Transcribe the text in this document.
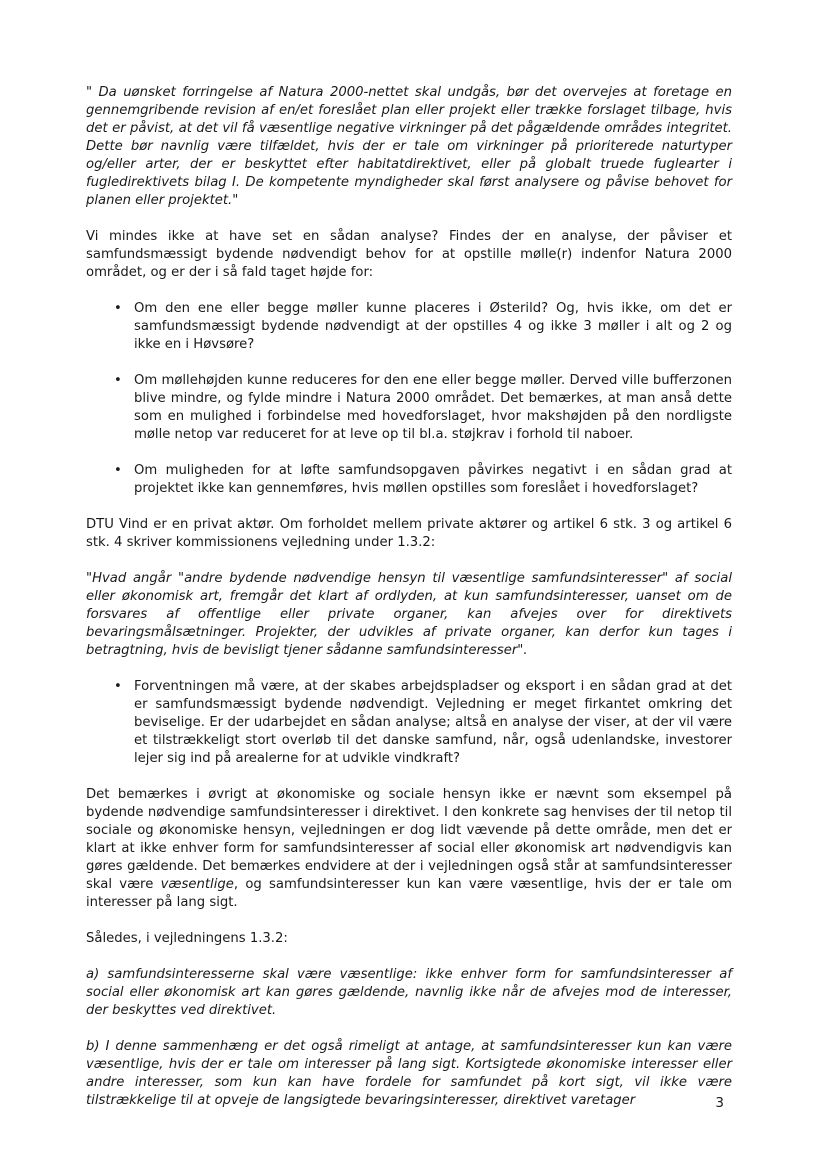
" Da uønsket forringelse af Natura 2000-nettet skal undgås, bør det overvejes at foretage en gennemgribende revision af en/et foreslået plan eller projekt eller trække forslaget tilbage, hvis det er påvist, at det vil få væsentlige negative virkninger på det pågældende områdes integritet. Dette bør navnlig være tilfældet, hvis der er tale om virkninger på prioriterede naturtyper og/eller arter, der er beskyttet efter habitatdirektivet, eller på globalt truede fuglearter i fugledirektivets bilag I. De kompetente myndigheder skal først analysere og påvise behovet for planen eller projektet."

Vi mindes ikke at have set en sådan analyse? Findes der en analyse, der påviser et samfundsmæssigt bydende nødvendigt behov for at opstille mølle(r) indenfor Natura 2000 området, og er der i så fald taget højde for:

• Om den ene eller begge møller kunne placeres i Østerild? Og, hvis ikke, om det er samfundsmæssigt bydende nødvendigt at der opstilles 4 og ikke 3 møller i alt og 2 og ikke en i Høvsøre?
• Om møllehøjden kunne reduceres for den ene eller begge møller. Derved ville bufferzonen blive mindre, og fylde mindre i Natura 2000 området. Det bemærkes, at man anså dette som en mulighed i forbindelse med hovedforslaget, hvor makshøjden på den nordligste mølle netop var reduceret for at leve op til bl.a. støjkrav i forhold til naboer.
• Om muligheden for at løfte samfundsopgaven påvirkes negativt i en sådan grad at projektet ikke kan gennemføres, hvis møllen opstilles som foreslået i hovedforslaget?

DTU Vind er en privat aktør. Om forholdet mellem private aktører og artikel 6 stk. 3 og artikel 6 stk. 4 skriver kommissionens vejledning under 1.3.2:

"Hvad angår "andre bydende nødvendige hensyn til væsentlige samfundsinteresser" af social eller økonomisk art, fremgår det klart af ordlyden, at kun samfundsinteresser, uanset om de forsvares af offentlige eller private organer, kan afvejes over for direktivets bevaringsmålsætninger. Projekter, der udvikles af private organer, kan derfor kun tages i betragtning, hvis de bevisligt tjener sådanne samfundsinteresser".

• Forventningen må være, at der skabes arbejdspladser og eksport i en sådan grad at det er samfundsmæssigt bydende nødvendigt. Vejledning er meget firkantet omkring det beviselige. Er der udarbejdet en sådan analyse; altså en analyse der viser, at der vil være et tilstrækkeligt stort overløb til det danske samfund, når, også udenlandske, investorer lejer sig ind på arealerne for at udvikle vindkraft?

Det bemærkes i øvrigt at økonomiske og sociale hensyn ikke er nævnt som eksempel på bydende nødvendige samfundsinteresser i direktivet. I den konkrete sag henvises der til netop til sociale og økonomiske hensyn, vejledningen er dog lidt vævende på dette område, men det er klart at ikke enhver form for samfundsinteresser af social eller økonomisk art nødvendigvis kan gøres gældende. Det bemærkes endvidere at der i vejledningen også står at samfundsinteresser skal være væsentlige, og samfundsinteresser kun kan være væsentlige, hvis der er tale om interesser på lang sigt.

Således, i vejledningens 1.3.2:

a) samfundsinteresserne skal være væsentlige: ikke enhver form for samfundsinteresser af social eller økonomisk art kan gøres gældende, navnlig ikke når de afvejes mod de interesser, der beskyttes ved direktivet.

b) I denne sammenhæng er det også rimeligt at antage, at samfundsinteresser kun kan være væsentlige, hvis der er tale om interesser på lang sigt. Kortsigtede økonomiske interesser eller andre interesser, som kun kan have fordele for samfundet på kort sigt, vil ikke være tilstrækkelige til at opveje de langsigtede bevaringsinteresser, direktivet varetager	3
